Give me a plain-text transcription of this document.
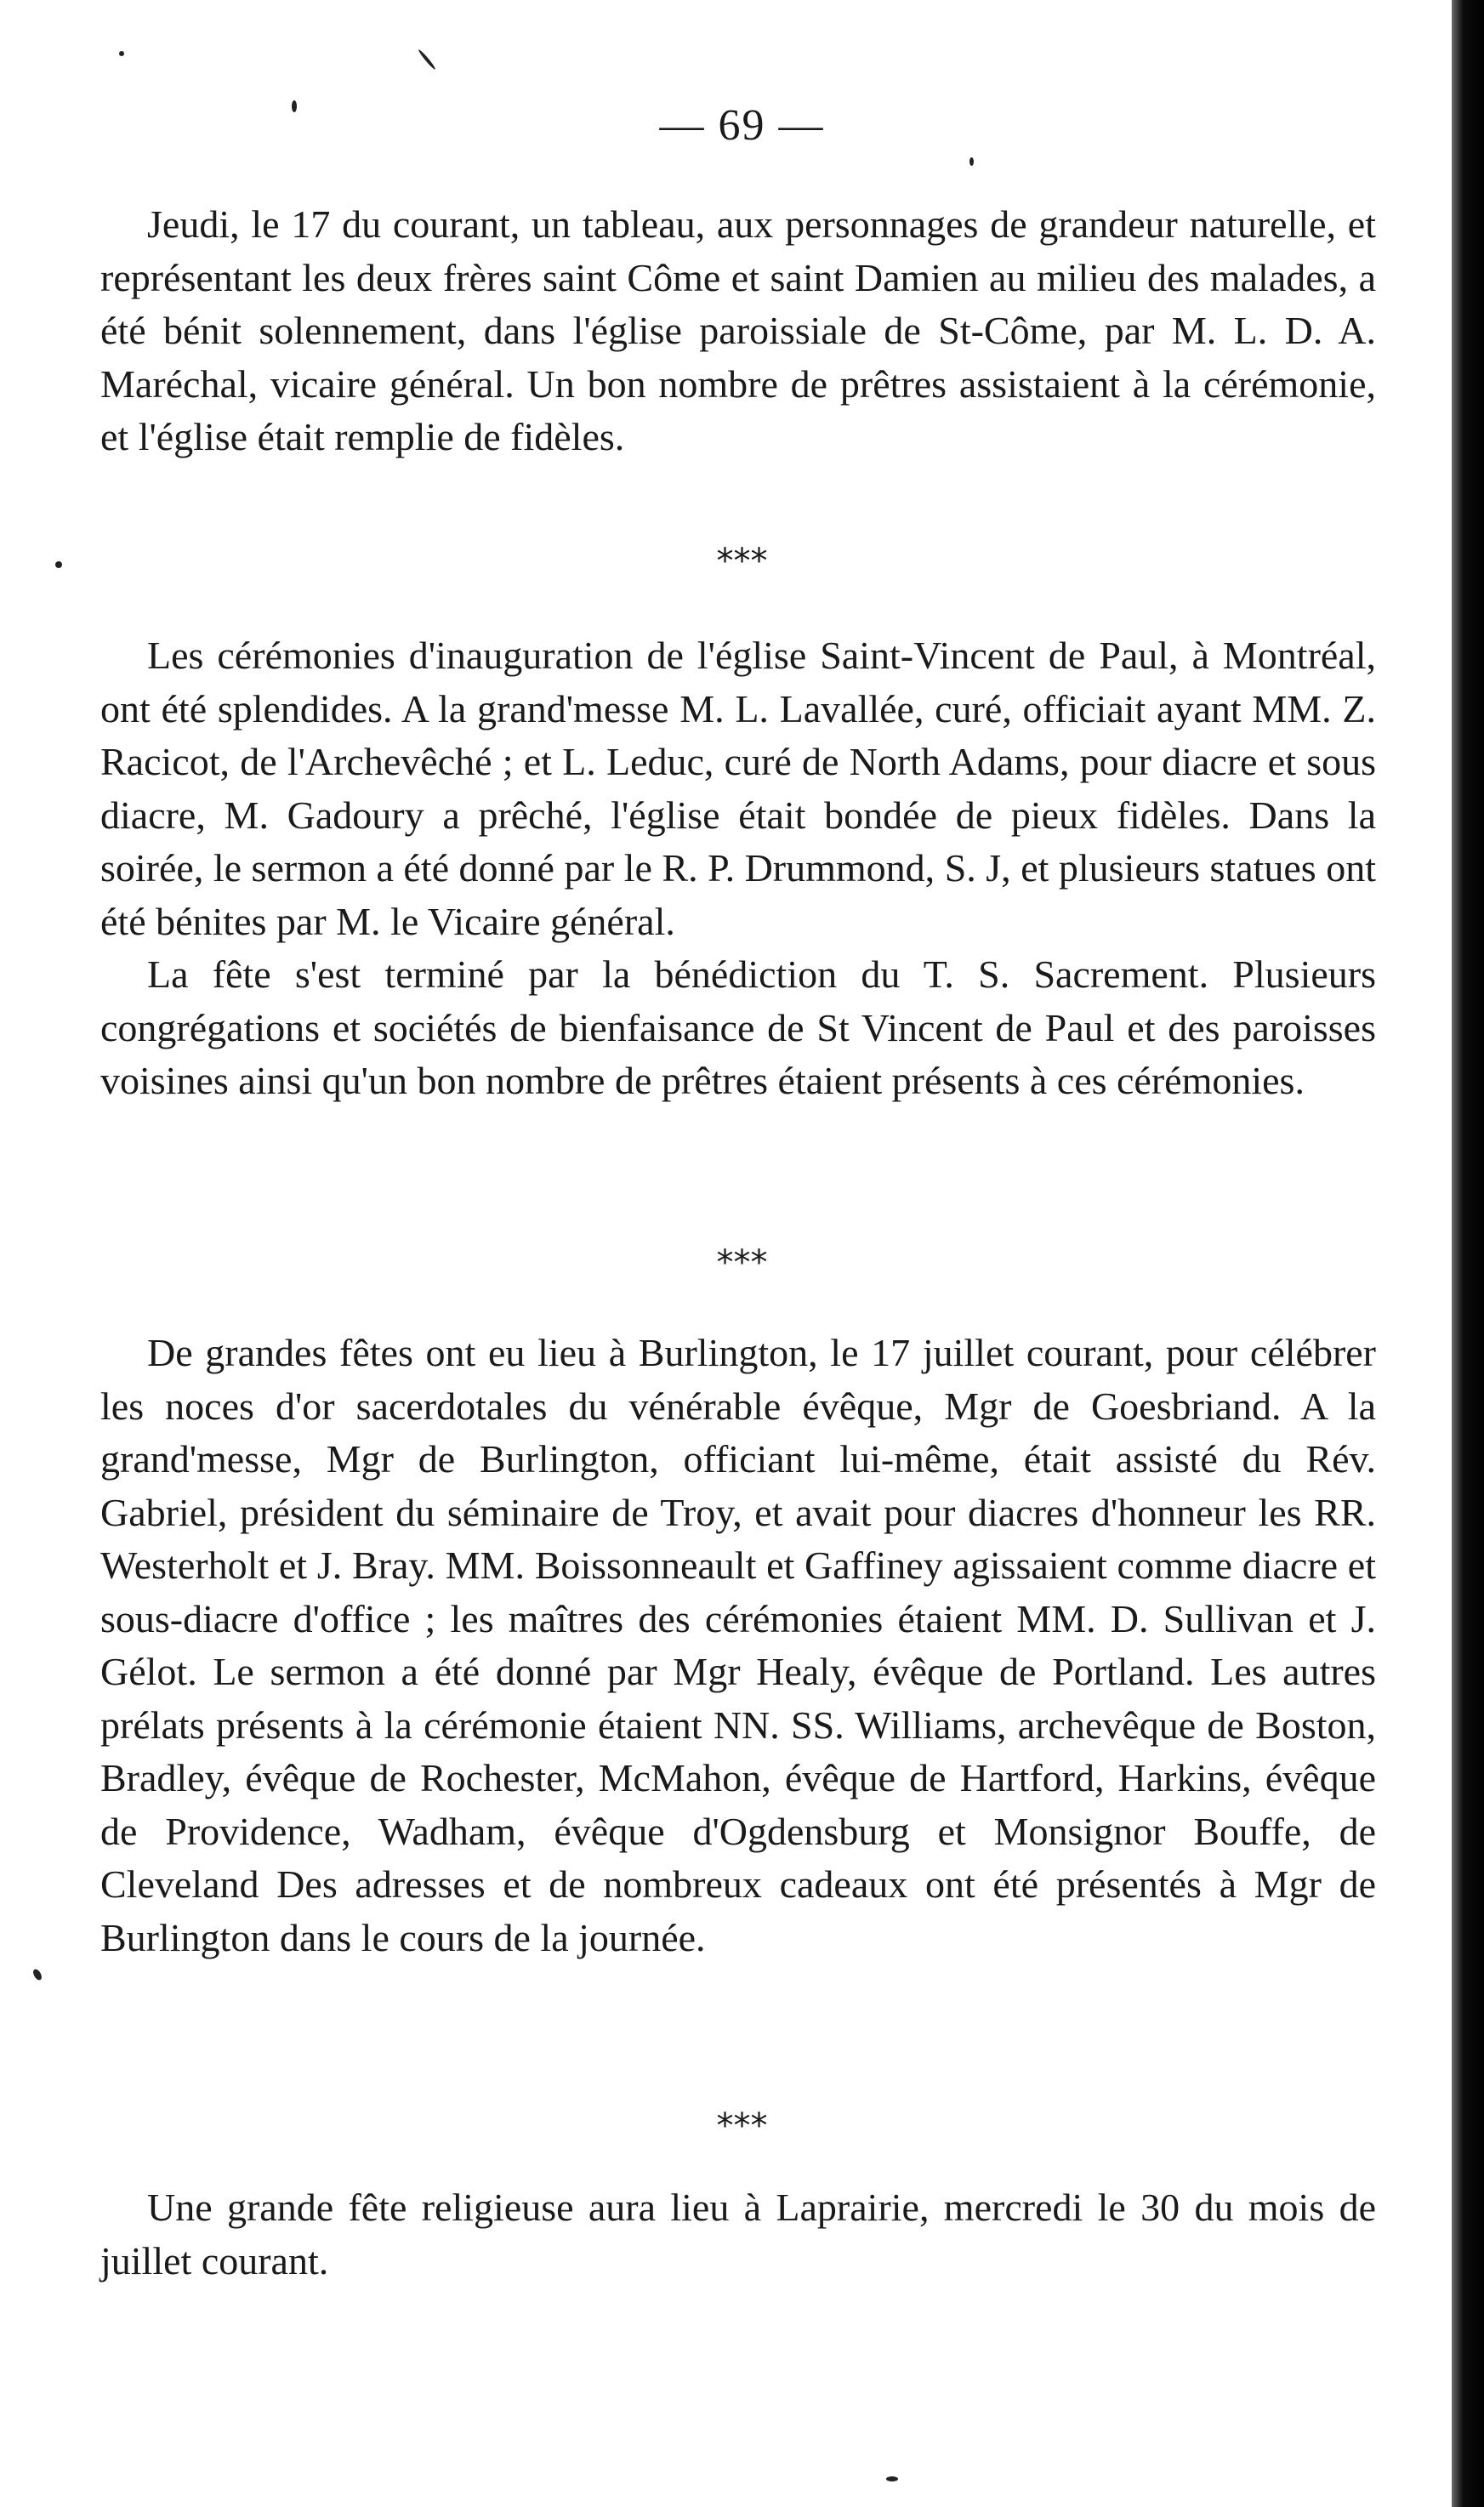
— 69 —

Jeudi, le 17 du courant, un tableau, aux personnages de grandeur naturelle, et représentant les deux frères saint Côme et saint Damien au milieu des malades, a été bénit solennement, dans l'église paroissiale de St-Côme, par M. L. D. A. Maréchal, vicaire général. Un bon nombre de prêtres assistaient à la cérémonie, et l'église était remplie de fidèles.

***

Les cérémonies d'inauguration de l'église Saint-Vincent de Paul, à Montréal, ont été splendides. A la grand'messe M. L. Lavallée, curé, officiait ayant MM. Z. Racicot, de l'Archevêché ; et L. Leduc, curé de North Adams, pour diacre et sous diacre, M. Gadoury a prêché, l'église était bondée de pieux fidèles. Dans la soirée, le sermon a été donné par le R. P. Drummond, S. J, et plusieurs statues ont été bénites par M. le Vicaire général.

La fête s'est terminé par la bénédiction du T. S. Sacrement. Plusieurs congrégations et sociétés de bienfaisance de St Vincent de Paul et des paroisses voisines ainsi qu'un bon nombre de prêtres étaient présents à ces cérémonies.

***

De grandes fêtes ont eu lieu à Burlington, le 17 juillet courant, pour célébrer les noces d'or sacerdotales du vénérable évêque, Mgr de Goesbriand. A la grand'messe, Mgr de Burlington, officiant lui-même, était assisté du Rév. Gabriel, président du séminaire de Troy, et avait pour diacres d'honneur les RR. Westerholt et J. Bray. MM. Boissonneault et Gaffiney agissaient comme diacre et sous-diacre d'office ; les maîtres des cérémonies étaient MM. D. Sullivan et J. Gélot. Le sermon a été donné par Mgr Healy, évêque de Portland. Les autres prélats présents à la cérémonie étaient NN. SS. Williams, archevêque de Boston, Bradley, évêque de Rochester, McMahon, évêque de Hartford, Harkins, évêque de Providence, Wadham, évêque d'Ogdensburg et Monsignor Bouffe, de Cleveland Des adresses et de nombreux cadeaux ont été présentés à Mgr de Burlington dans le cours de la journée.

***

Une grande fête religieuse aura lieu à Laprairie, mercredi le 30 du mois de juillet courant.
